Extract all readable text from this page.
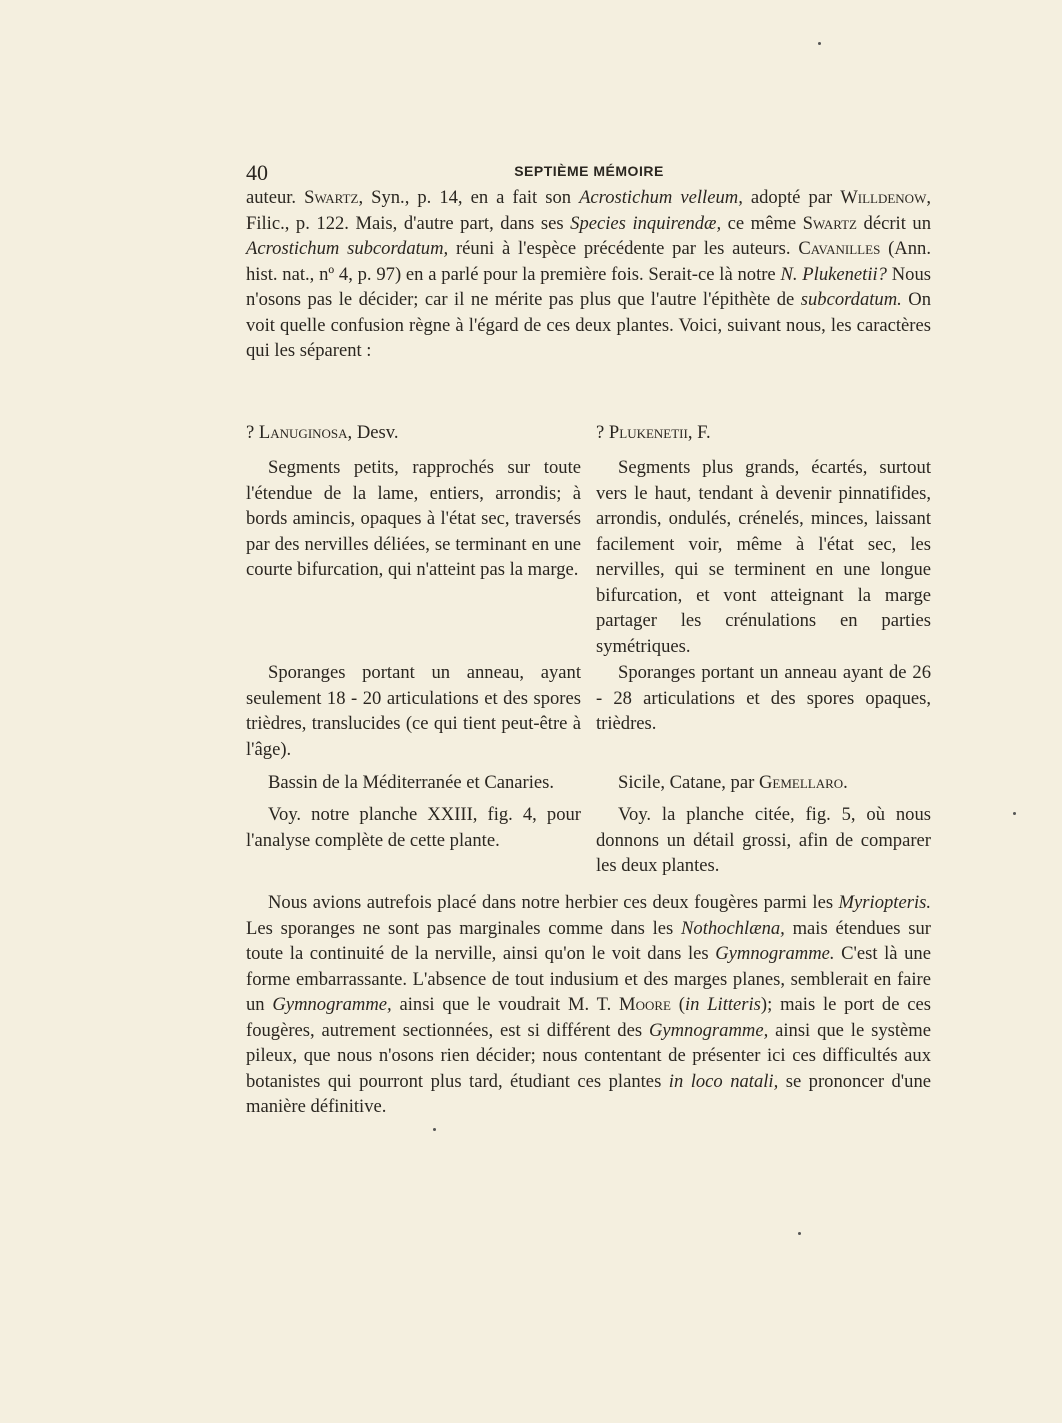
40	SEPTIÈME MÉMOIRE

auteur. Swartz, Syn., p. 14, en a fait son Acrostichum velleum, adopté par Willdenow, Filic., p. 122. Mais, d'autre part, dans ses Species inquirendæ, ce même Swartz décrit un Acrostichum subcordatum, réuni à l'espèce précédente par les auteurs. Cavanilles (Ann. hist. nat., nº 4, p. 97) en a parlé pour la première fois. Serait-ce là notre N. Plukenetii? Nous n'osons pas le décider; car il ne mérite pas plus que l'autre l'épithète de subcordatum. On voit quelle confusion règne à l'égard de ces deux plantes. Voici, suivant nous, les caractères qui les séparent :

? Lanuginosa, Desv.

Segments petits, rapprochés sur toute l'étendue de la lame, entiers, arrondis; à bords amincis, opaques à l'état sec, traversés par des nervilles déliées, se terminant en une courte bifurcation, qui n'atteint pas la marge.

Sporanges portant un anneau, ayant seulement 18 - 20 articulations et des spores trièdres, translucides (ce qui tient peut-être à l'âge).

Bassin de la Méditerranée et Canaries.

Voy. notre planche XXIII, fig. 4, pour l'analyse complète de cette plante.

? Plukenetii, F.

Segments plus grands, écartés, surtout vers le haut, tendant à devenir pinnatifides, arrondis, ondulés, crénelés, minces, laissant facilement voir, même à l'état sec, les nervilles, qui se terminent en une longue bifurcation, et vont atteignant la marge partager les crénulations en parties symétriques.

Sporanges portant un anneau ayant de 26 - 28 articulations et des spores opaques, trièdres.

Sicile, Catane, par Gemellaro.

Voy. la planche citée, fig. 5, où nous donnons un détail grossi, afin de comparer les deux plantes.

Nous avions autrefois placé dans notre herbier ces deux fougères parmi les Myriopteris. Les sporanges ne sont pas marginales comme dans les Nothochlæna, mais étendues sur toute la continuité de la nerville, ainsi qu'on le voit dans les Gymnogramme. C'est là une forme embarrassante. L'absence de tout indusium et des marges planes, semblerait en faire un Gymnogramme, ainsi que le voudrait M. T. Moore (in Litteris); mais le port de ces fougères, autrement sectionnées, est si différent des Gymnogramme, ainsi que le système pileux, que nous n'osons rien décider; nous contentant de présenter ici ces difficultés aux botanistes qui pourront plus tard, étudiant ces plantes in loco natali, se prononcer d'une manière définitive.
